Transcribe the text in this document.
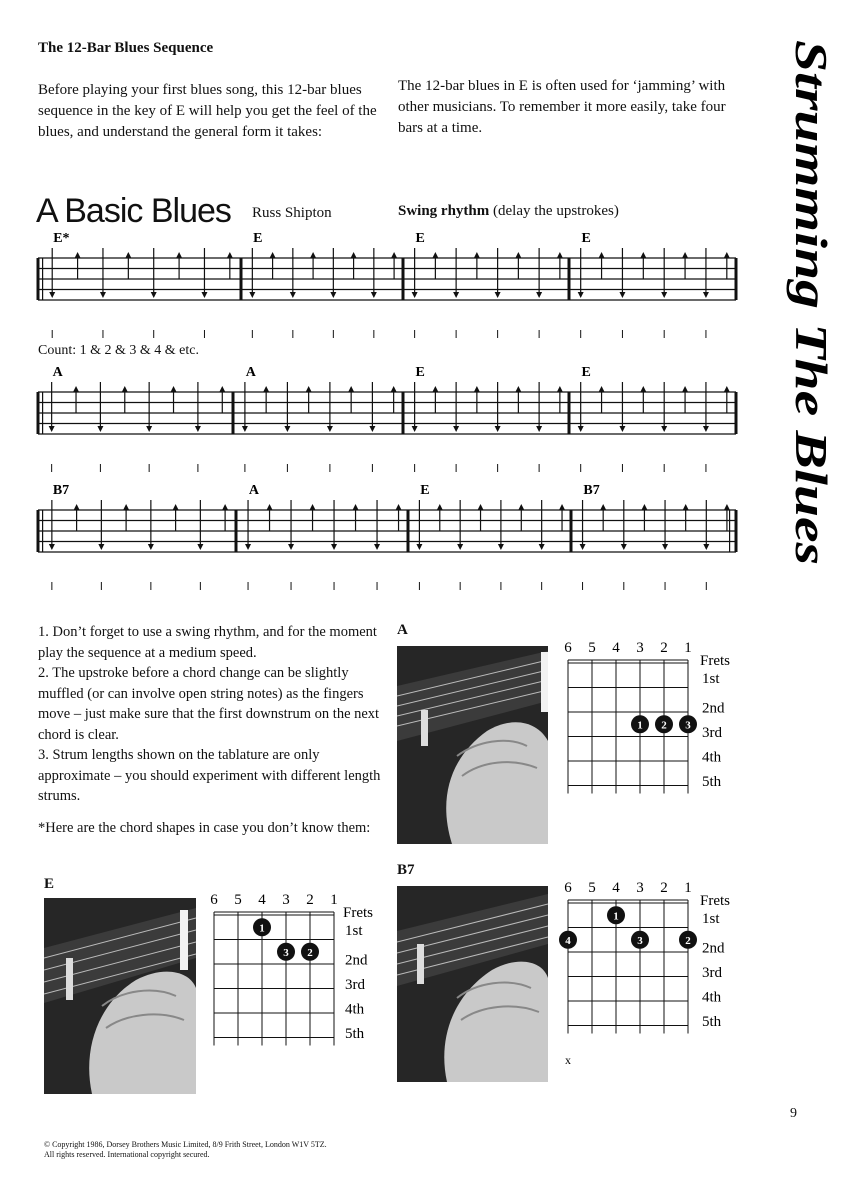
The 12-Bar Blues Sequence
Before playing your first blues song, this 12-bar blues sequence in the key of E will help you get the feel of the blues, and understand the general form it takes:
The 12-bar blues in E is often used for ‘jamming’ with other musicians. To remember it more easily, take four bars at a time.	Strumming The Blues
A Basic Blues Russ Shipton	Swing rhythm (delay the upstrokes)
E*	E	E	E
A	A	E	E
B7	A	E	B7
Count: 1 & 2 & 3 & 4 & etc.

1. Don’t forget to use a swing rhythm, and for the moment play the sequence at a medium speed.

2. The upstroke before a chord change can be slightly muffled (or can involve open string notes) as the fingers move – just make sure that the first downstrum on the next chord is clear.

3. Strum lengths shown on the tablature are only approximate – you should experiment with different length strums.

*Here are the chord shapes in case you don’t know them:
A
6 5 4 3 2 1
Frets
1st
2nd
3rd
4th
5th
1 2 3
E
6 5 4 3 2 1
Frets
1st
2nd
3rd
4th
5th
1
2
3
B7
6 5 4 3 2 1
Frets
1st
2nd
3rd
4th
5th
1
2
3
4
x
9
© Copyright 1986, Dorsey Brothers Music Limited, 8/9 Frith Street, London W1V 5TZ.
All rights reserved. International copyright secured.
